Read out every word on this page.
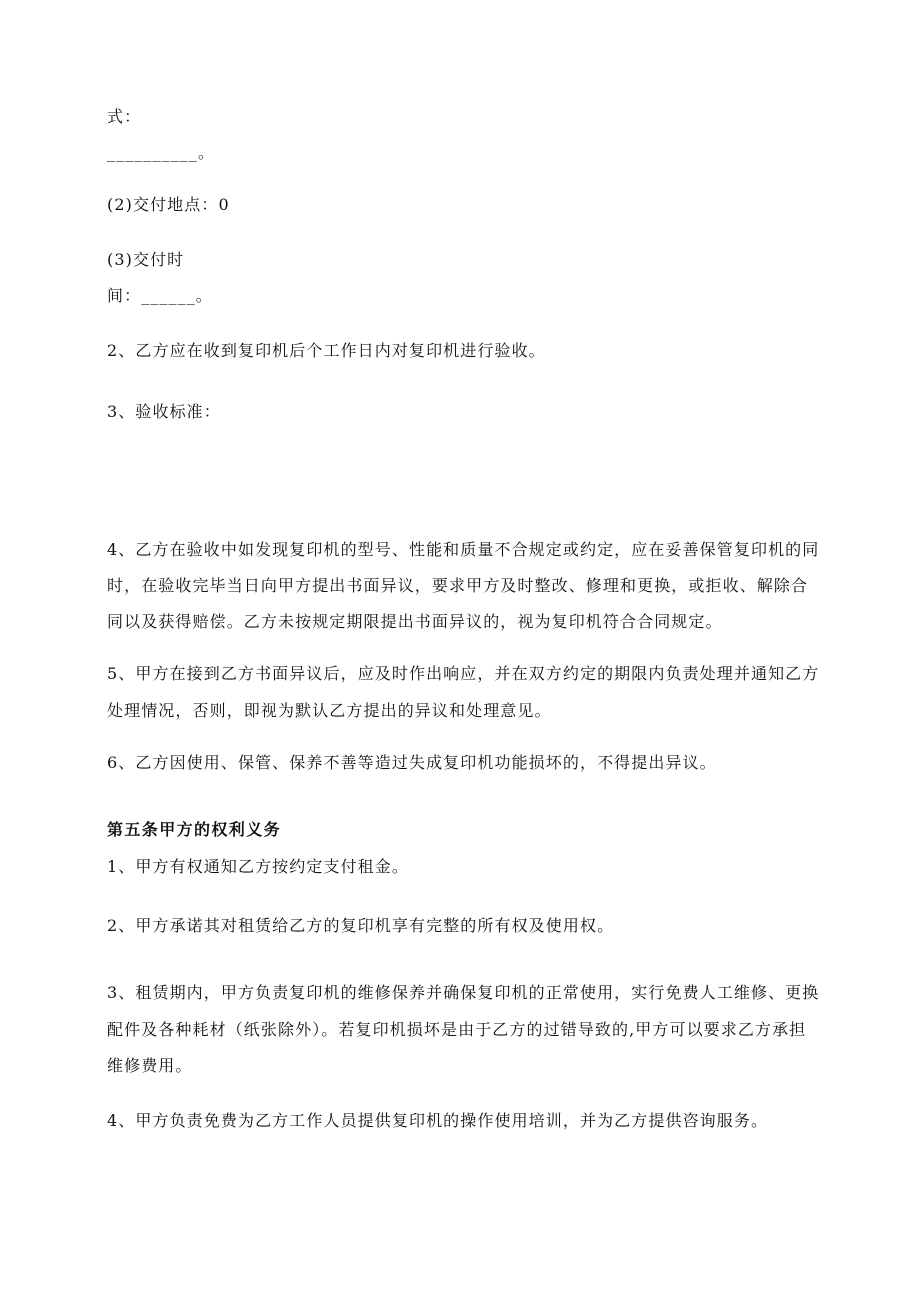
式：
__________。
(2)交付地点：0
(3)交付时
间：______。
2、乙方应在收到复印机后个工作日内对复印机进行验收。
3、验收标准：
4、乙方在验收中如发现复印机的型号、性能和质量不合规定或约定，应在妥善保管复印机的同
时，在验收完毕当日向甲方提出书面异议，要求甲方及时整改、修理和更换，或拒收、解除合
同以及获得赔偿。乙方未按规定期限提出书面异议的，视为复印机符合合同规定。
5、甲方在接到乙方书面异议后，应及时作出响应，并在双方约定的期限内负责处理并通知乙方
处理情况，否则，即视为默认乙方提出的异议和处理意见。
6、乙方因使用、保管、保养不善等造过失成复印机功能损坏的，不得提出异议。
第五条甲方的权利义务
1、甲方有权通知乙方按约定支付租金。
2、甲方承诺其对租赁给乙方的复印机享有完整的所有权及使用权。
3、租赁期内，甲方负责复印机的维修保养并确保复印机的正常使用，实行免费人工维修、更换
配件及各种耗材（纸张除外）。若复印机损坏是由于乙方的过错导致的,甲方可以要求乙方承担
维修费用。
4、甲方负责免费为乙方工作人员提供复印机的操作使用培训，并为乙方提供咨询服务。
